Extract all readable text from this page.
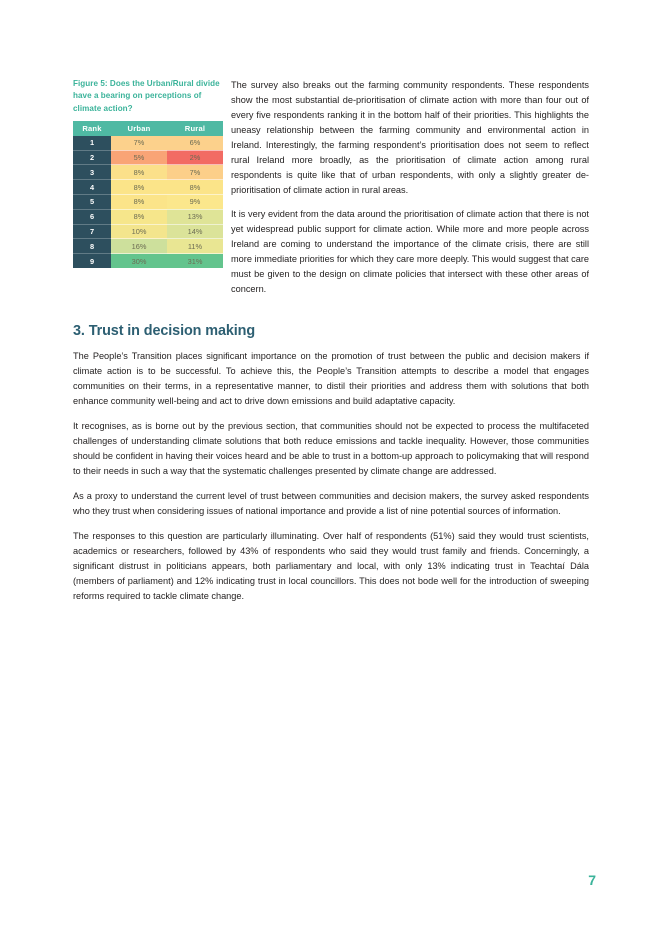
Figure 5: Does the Urban/Rural divide have a bearing on perceptions of climate action?
Rank	Urban	Rural
1	7%	6%
2	5%	2%
3	8%	7%
4	8%	8%
5	8%	9%
6	8%	13%
7	10%	14%
8	16%	11%
9	30%	31%

The survey also breaks out the farming community respondents. These respondents show the most substantial de-prioritisation of climate action with more than four out of every five respondents ranking it in the bottom half of their priorities. This highlights the uneasy relationship between the farming community and environmental action in Ireland. Interestingly, the farming respondent’s prioritisation does not seem to reflect rural Ireland more broadly, as the prioritisation of climate action among rural respondents is quite like that of urban respondents, with only a slightly greater de-prioritisation of climate action in rural areas.

It is very evident from the data around the prioritisation of climate action that there is not yet widespread public support for climate action. While more and more people across Ireland are coming to understand the importance of the climate crisis, there are still more immediate priorities for which they care more deeply. This would suggest that care must be given to the design on climate policies that intersect with these other areas of concern.

3. Trust in decision making

The People’s Transition places significant importance on the promotion of trust between the public and decision makers if climate action is to be successful. To achieve this, the People’s Transition attempts to describe a model that engages communities on their terms, in a representative manner, to distil their priorities and address them with solutions that both enhance community well-being and act to drive down emissions and build adaptative capacity.

It recognises, as is borne out by the previous section, that communities should not be expected to process the multifaceted challenges of understanding climate solutions that both reduce emissions and tackle inequality. However, those communities should be confident in having their voices heard and be able to trust in a bottom-up approach to policymaking that will respond to their needs in such a way that the systematic challenges presented by climate change are addressed.

As a proxy to understand the current level of trust between communities and decision makers, the survey asked respondents who they trust when considering issues of national importance and provide a list of nine potential sources of information.

The responses to this question are particularly illuminating. Over half of respondents (51%) said they would trust scientists, academics or researchers, followed by 43% of respondents who said they would trust family and friends. Concerningly, a significant distrust in politicians appears, both parliamentary and local, with only 13% indicating trust in Teachtaí Dála (members of parliament) and 12% indicating trust in local councillors. This does not bode well for the introduction of sweeping reforms required to tackle climate change.

7
